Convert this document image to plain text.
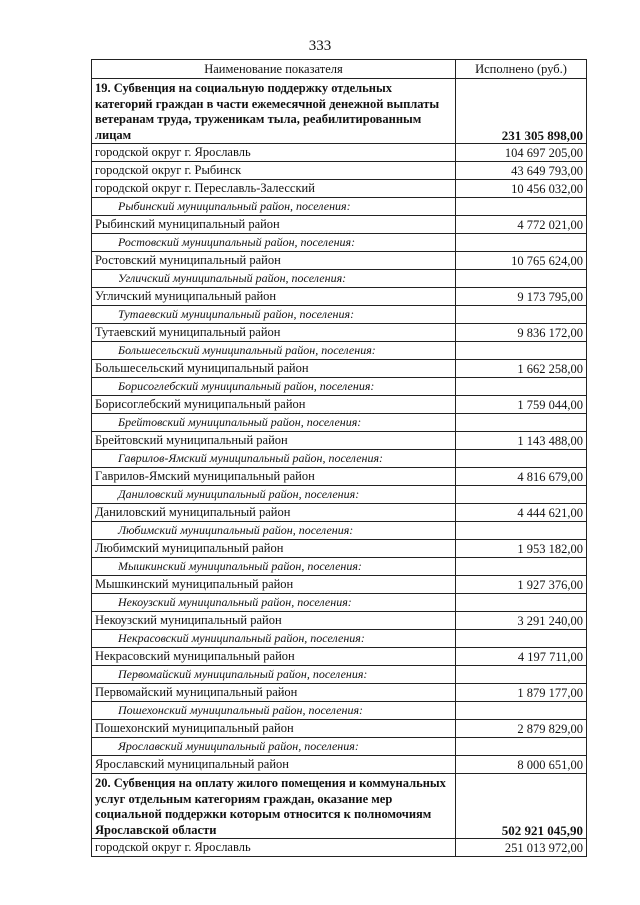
333
Наименование показателя	Исполнено (руб.)
19. Субвенция на социальную поддержку отдельных категорий граждан в части ежемесячной денежной выплаты ветеранам труда, труженикам тыла, реабилитированным лицам	231 305 898,00
городской округ г. Ярославль	104 697 205,00
городской округ г. Рыбинск	43 649 793,00
городской округ г. Переславль-Залесский	10 456 032,00
Рыбинский муниципальный район, поселения:	
Рыбинский муниципальный район	4 772 021,00
Ростовский муниципальный район, поселения:	
Ростовский муниципальный район	10 765 624,00
Угличский муниципальный район, поселения:	
Угличский муниципальный район	9 173 795,00
Тутаевский муниципальный район, поселения:	
Тутаевский муниципальный район	9 836 172,00
Большесельский муниципальный район, поселения:	
Большесельский муниципальный район	1 662 258,00
Борисоглебский муниципальный район, поселения:	
Борисоглебский муниципальный район	1 759 044,00
Брейтовский муниципальный район, поселения:	
Брейтовский муниципальный район	1 143 488,00
Гаврилов-Ямский муниципальный район, поселения:	
Гаврилов-Ямский муниципальный район	4 816 679,00
Даниловский муниципальный район, поселения:	
Даниловский муниципальный район	4 444 621,00
Любимский муниципальный район, поселения:	
Любимский муниципальный район	1 953 182,00
Мышкинский муниципальный район, поселения:	
Мышкинский муниципальный район	1 927 376,00
Некоузский муниципальный район, поселения:	
Некоузский муниципальный район	3 291 240,00
Некрасовский муниципальный район, поселения:	
Некрасовский муниципальный район	4 197 711,00
Первомайский муниципальный район, поселения:	
Первомайский муниципальный район	1 879 177,00
Пошехонский муниципальный район, поселения:	
Пошехонский муниципальный район	2 879 829,00
Ярославский муниципальный район, поселения:	
Ярославский муниципальный район	8 000 651,00
20. Субвенция на оплату жилого помещения и коммунальных услуг отдельным категориям граждан, оказание мер социальной поддержки которым относится к полномочиям Ярославской области	502 921 045,90
городской округ г. Ярославль	251 013 972,00
